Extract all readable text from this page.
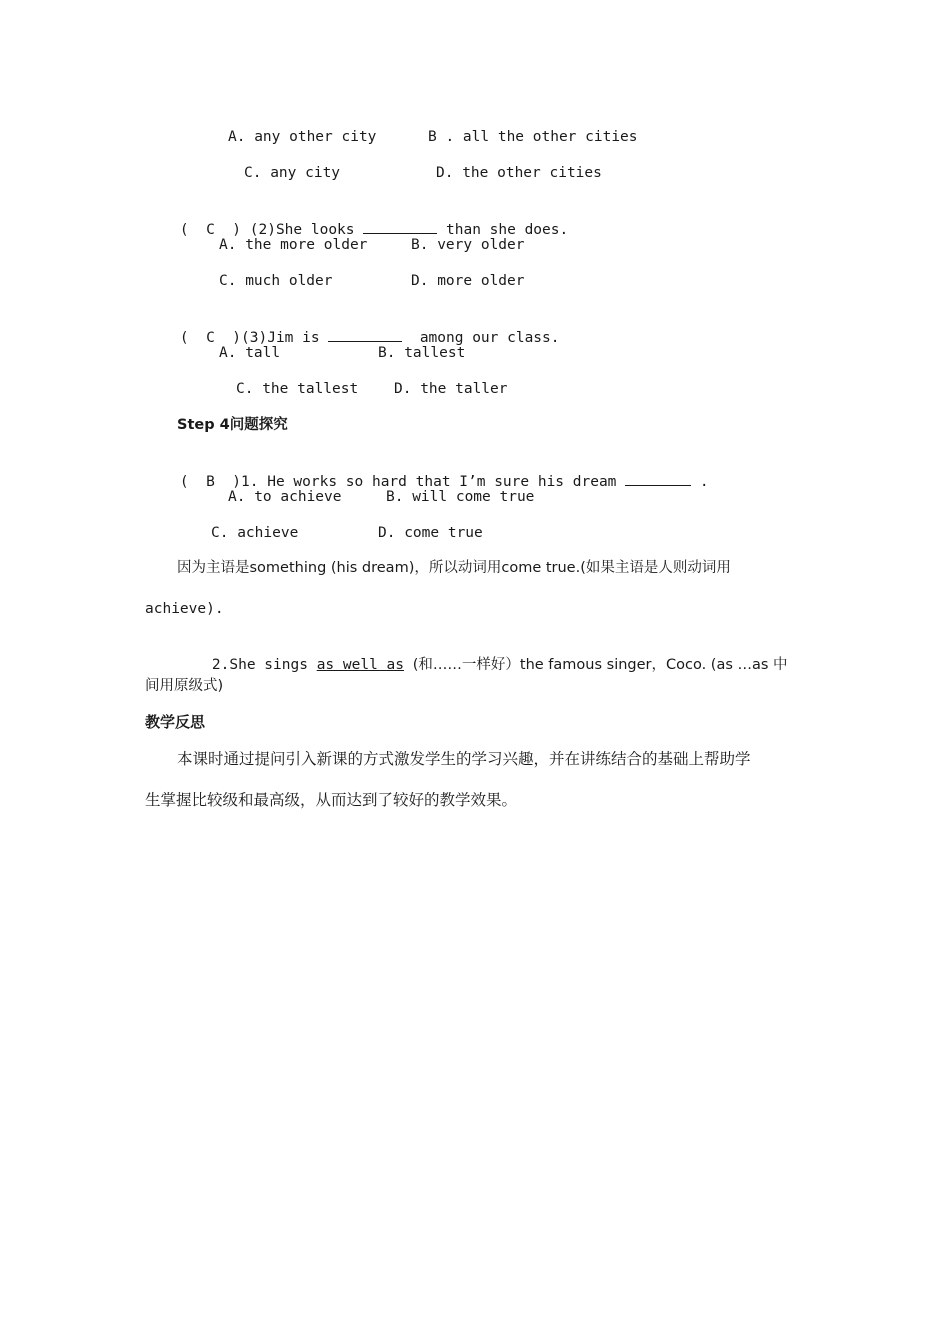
A. any other city	B . all the other cities
C. any city	D. the other cities

(  C  ) (2)She looks	than she does.

A. the more older	B. very older
C. much older	D. more older

(  C  )(3)Jim is	among our class.

A. tall	B. tallest
C. the tallest D. the taller
Step 4问题探究

(  B  )1. He works so hard that I’m sure his dream	.

A. to achieve	B. will come true
C. achieve	D. come true
因为主语是something (his dream)，所以动词用come true.(如果主语是人则动词用
achieve).

2.She sings as well as (和……一样好）the famous singer，Coco. (as …as 中

间用原级式)
教学反思
本课时通过提问引入新课的方式激发学生的学习兴趣，并在讲练结合的基础上帮助学
生掌握比较级和最高级，从而达到了较好的教学效果。
